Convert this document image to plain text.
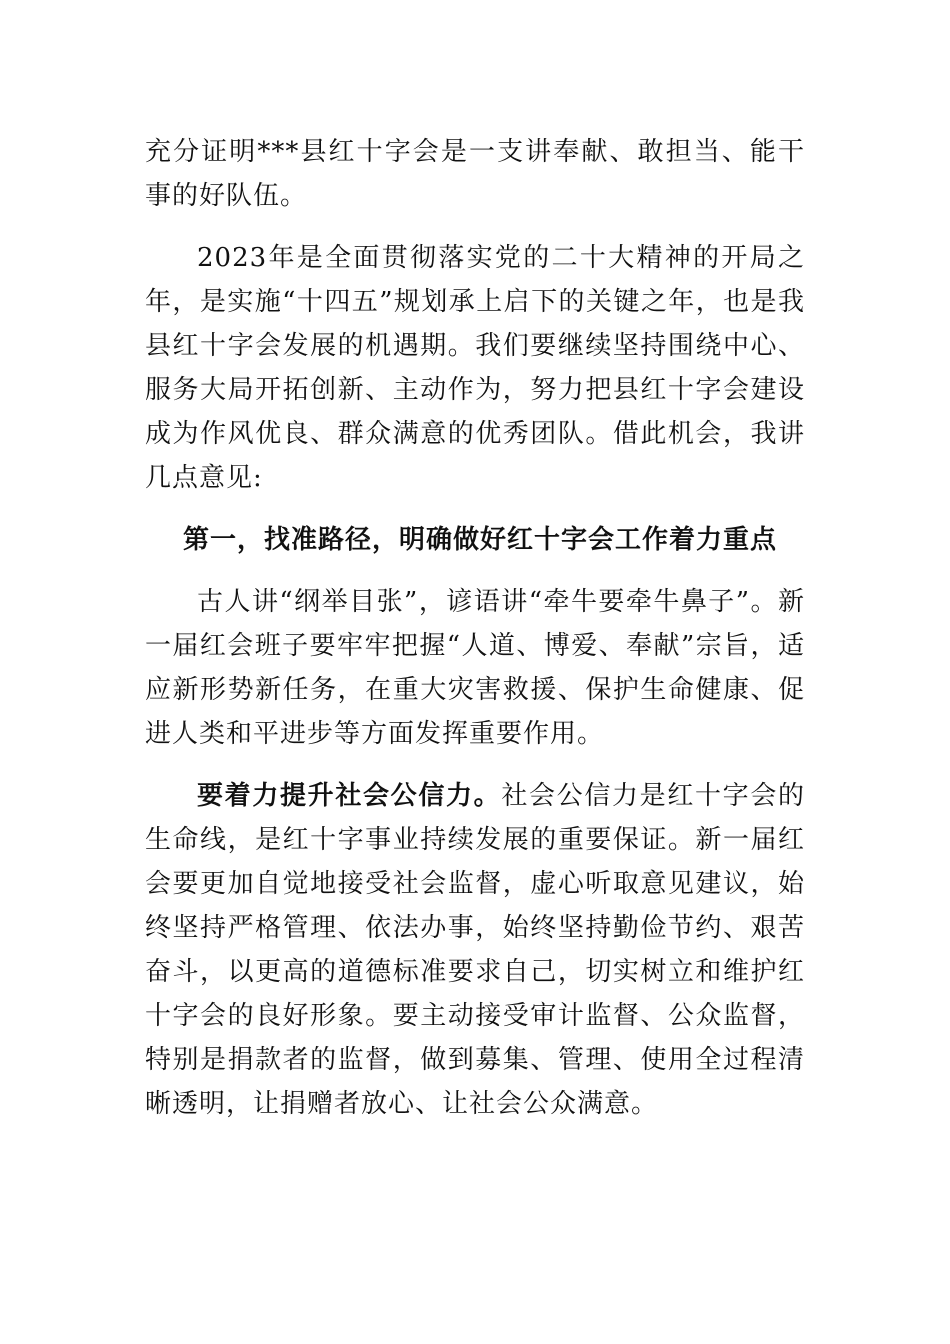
充分证明***县红十字会是一支讲奉献、敢担当、能干事的好队伍。

2023年是全面贯彻落实党的二十大精神的开局之年，是实施“十四五”规划承上启下的关键之年，也是我县红十字会发展的机遇期。我们要继续坚持围绕中心、服务大局开拓创新、主动作为，努力把县红十字会建设成为作风优良、群众满意的优秀团队。借此机会，我讲几点意见:

第一，找准路径，明确做好红十字会工作着力重点

古人讲“纲举目张”，谚语讲“牵牛要牵牛鼻子”。新一届红会班子要牢牢把握“人道、博爱、奉献”宗旨，适应新形势新任务，在重大灾害救援、保护生命健康、促进人类和平进步等方面发挥重要作用。

要着力提升社会公信力。社会公信力是红十字会的生命线，是红十字事业持续发展的重要保证。新一届红会要更加自觉地接受社会监督，虚心听取意见建议，始终坚持严格管理、依法办事，始终坚持勤俭节约、艰苦奋斗，以更高的道德标准要求自己，切实树立和维护红十字会的良好形象。要主动接受审计监督、公众监督，特别是捐款者的监督，做到募集、管理、使用全过程清晰透明，让捐赠者放心、让社会公众满意。
